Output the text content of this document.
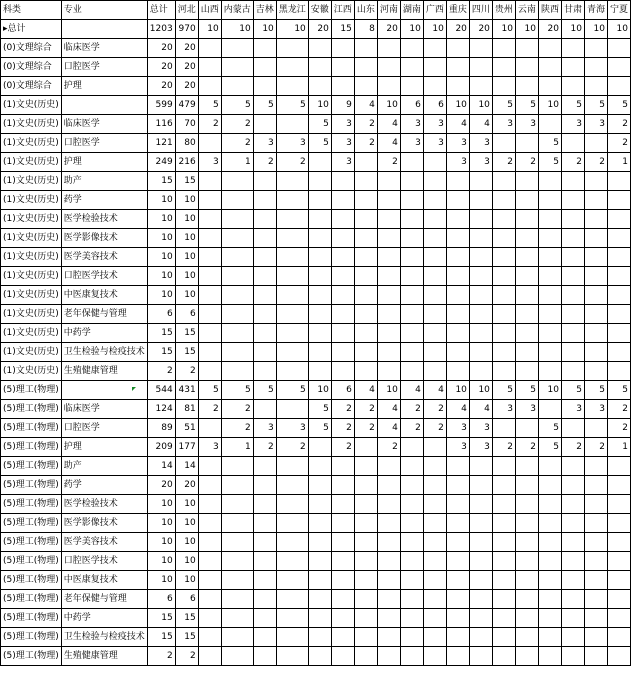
科类	专业	总计	河北	山西	内蒙古	吉林	黑龙江	安徽	江西	山东	河南	湖南	广西	重庆	四川	贵州	云南	陕西	甘肃	青海	宁夏
▸总计		1203	970	10	10	10	10	20	15	8	20	10	10	20	20	10	10	20	10	10	10
(0)文理综合	临床医学	20	20																		
(0)文理综合	口腔医学	20	20																		
(0)文理综合	护理	20	20																		
(1)文史(历史)		599	479	5	5	5	5	10	9	4	10	6	6	10	10	5	5	10	5	5	5
(1)文史(历史)	临床医学	116	70	2	2			5	3	2	4	3	3	4	4	3	3		3	3	2
(1)文史(历史)	口腔医学	121	80		2	3	3	5	3	2	4	3	3	3	3			5			2
(1)文史(历史)	护理	249	216	3	1	2	2		3		2			3	3	2	2	5	2	2	1
(1)文史(历史)	助产	15	15																		
(1)文史(历史)	药学	10	10																		
(1)文史(历史)	医学检验技术	10	10																		
(1)文史(历史)	医学影像技术	10	10																		
(1)文史(历史)	医学美容技术	10	10																		
(1)文史(历史)	口腔医学技术	10	10																		
(1)文史(历史)	中医康复技术	10	10																		
(1)文史(历史)	老年保健与管理	6	6																		
(1)文史(历史)	中药学	15	15																		
(1)文史(历史)	卫生检验与检疫技术	15	15																		
(1)文史(历史)	生殖健康管理	2	2																		
(5)理工(物理)		544	431	5	5	5	5	10	6	4	10	4	4	10	10	5	5	10	5	5	5
(5)理工(物理)	临床医学	124	81	2	2			5	2	2	4	2	2	4	4	3	3		3	3	2
(5)理工(物理)	口腔医学	89	51		2	3	3	5	2	2	4	2	2	3	3			5			2
(5)理工(物理)	护理	209	177	3	1	2	2		2		2			3	3	2	2	5	2	2	1
(5)理工(物理)	助产	14	14																		
(5)理工(物理)	药学	20	20																		
(5)理工(物理)	医学检验技术	10	10																		
(5)理工(物理)	医学影像技术	10	10																		
(5)理工(物理)	医学美容技术	10	10																		
(5)理工(物理)	口腔医学技术	10	10																		
(5)理工(物理)	中医康复技术	10	10																		
(5)理工(物理)	老年保健与管理	6	6																		
(5)理工(物理)	中药学	15	15																		
(5)理工(物理)	卫生检验与检疫技术	15	15																		
(5)理工(物理)	生殖健康管理	2	2																		
